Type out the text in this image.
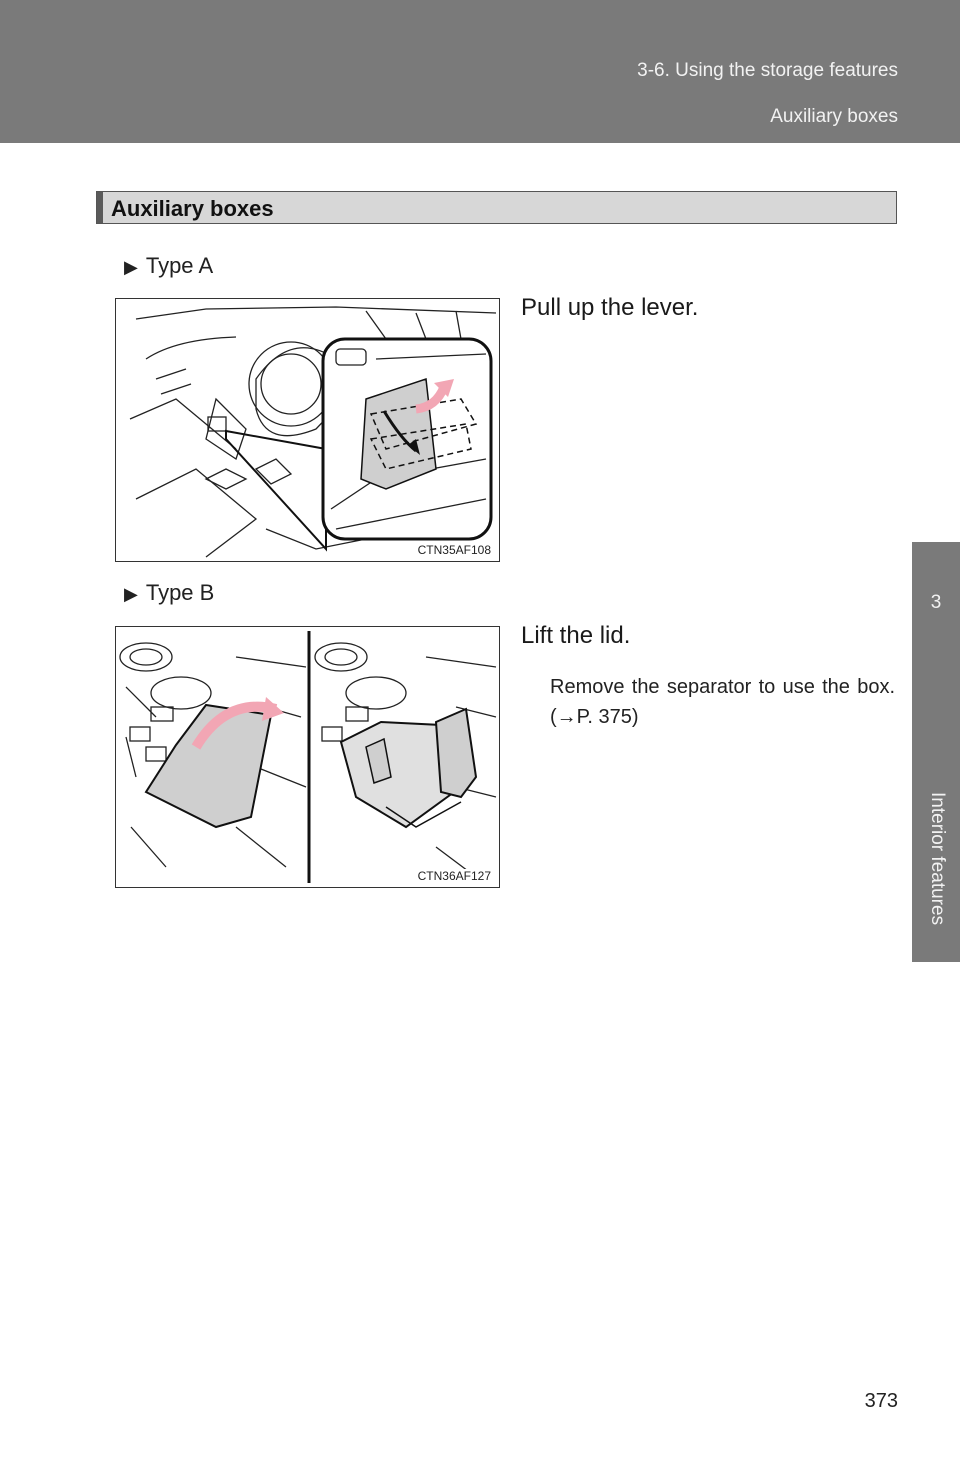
3-6. Using the storage features
Auxiliary boxes
3
Interior features
Auxiliary boxes
▶ Type A
CTN35AF108
Pull up the lever.
▶ Type B
CTN36AF127
Lift the lid.
Remove the separator to use the box. (→P. 375)
373
